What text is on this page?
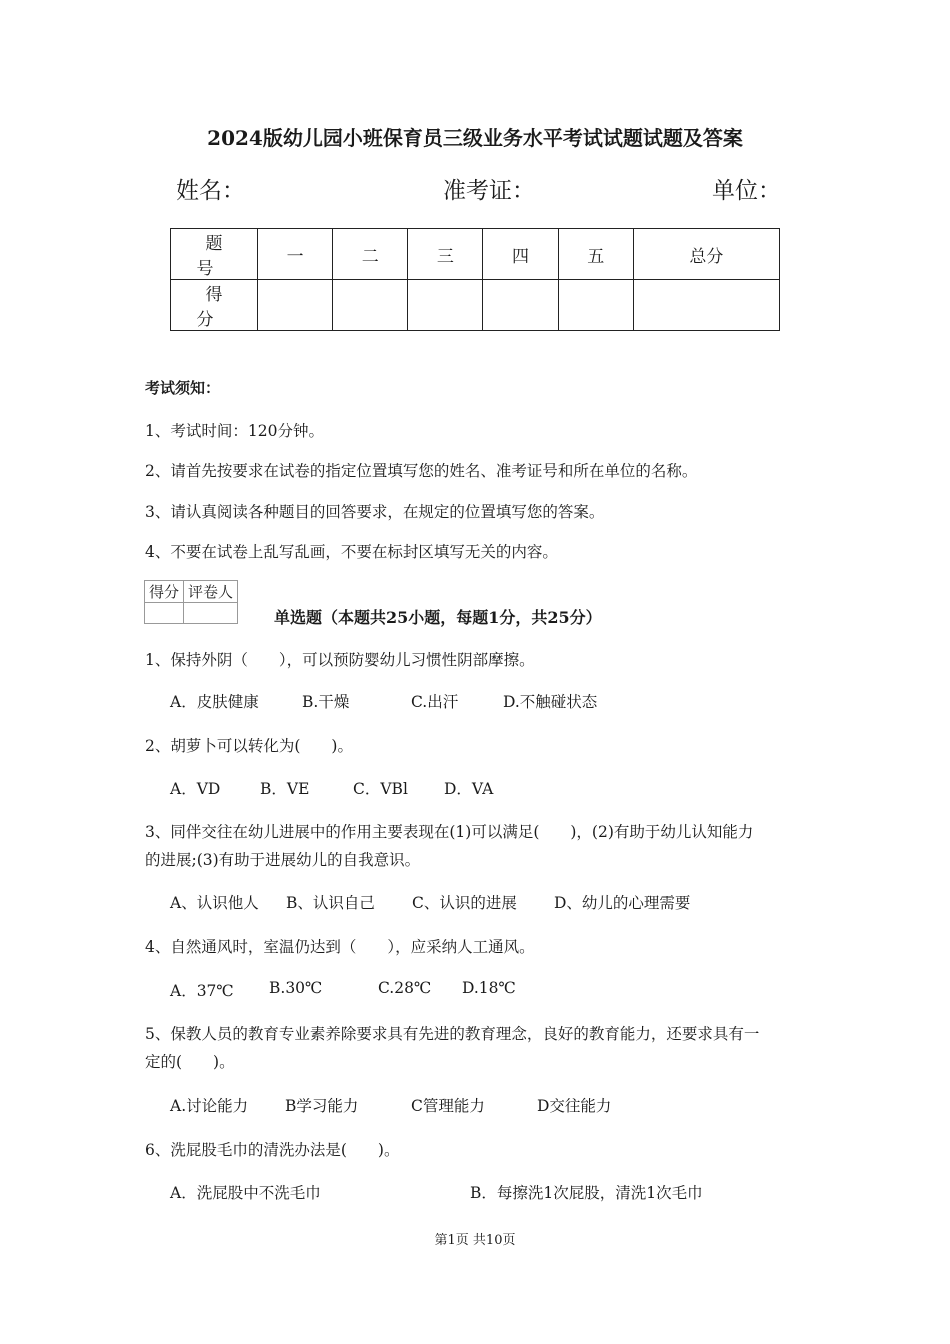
2024版幼儿园小班保育员三级业务水平考试试题试题及答案
姓名：	准考证：	单位：
题 号	一	二	三	四	五	总分
得 分						
考试须知：
1、考试时间：120分钟。
2、请首先按要求在试卷的指定位置填写您的姓名、准考证号和所在单位的名称。
3、请认真阅读各种题目的回答要求，在规定的位置填写您的答案。
4、不要在试卷上乱写乱画，不要在标封区填写无关的内容。
得分	评卷人

单选题（本题共25小题，每题1分，共25分）
1、保持外阴（　　），可以预防婴幼儿习惯性阴部摩擦。
A．皮肤健康	B.干燥	C.出汗	D.不触碰状态
2、胡萝卜可以转化为(　　)。
A．VD	B．VE	C．VBl D．VA
3、同伴交往在幼儿进展中的作用主要表现在(1)可以满足(　　)，(2)有助于幼儿认知能力
的进展;(3)有助于进展幼儿的自我意识。
A、认识他人 B、认识自己 C、认识的进展 D、幼儿的心理需要
4、自然通风时，室温仍达到（　　），应采纳人工通风。
A．37℃ B.30℃	C.28℃ D.18℃
5、保教人员的教育专业素养除要求具有先进的教育理念，良好的教育能力，还要求具有一
定的(　　)。
A.讨论能力 B学习能力	C管理能力	D交往能力
6、洗屁股毛巾的清洗办法是(　　)。
A．洗屁股中不洗毛巾	B．每擦洗1次屁股，清洗1次毛巾
第1页 共10页
